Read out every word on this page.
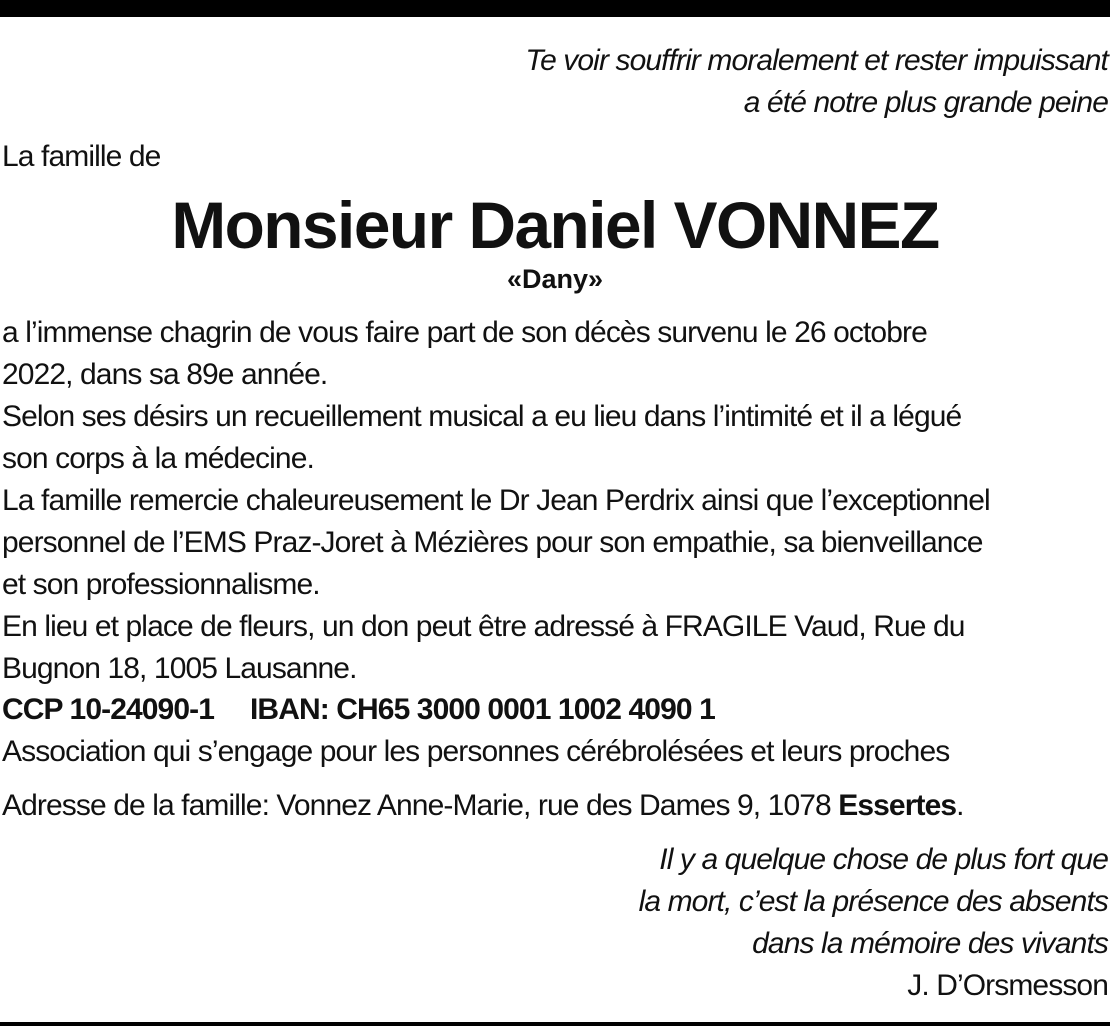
Te voir souffrir moralement et rester impuissant
a été notre plus grande peine
La famille de
Monsieur Daniel VONNEZ
«Dany»
a l’immense chagrin de vous faire part de son décès survenu le 26 octobre
2022, dans sa 89e année.
Selon ses désirs un recueillement musical a eu lieu dans l’intimité et il a légué
son corps à la médecine.
La famille remercie chaleureusement le Dr Jean Perdrix ainsi que l’exceptionnel
personnel de l’EMS Praz-Joret à Mézières pour son empathie, sa bienveillance
et son professionnalisme.
En lieu et place de fleurs, un don peut être adressé à FRAGILE Vaud, Rue du
Bugnon 18, 1005 Lausanne.
CCP 10-24090-1 IBAN: CH65 3000 0001 1002 4090 1
Association qui s’engage pour les personnes cérébrolésées et leurs proches
Adresse de la famille: Vonnez Anne-Marie, rue des Dames 9, 1078 Essertes.
Il y a quelque chose de plus fort que
la mort, c’est la présence des absents
dans la mémoire des vivants
J. D’Orsmesson
